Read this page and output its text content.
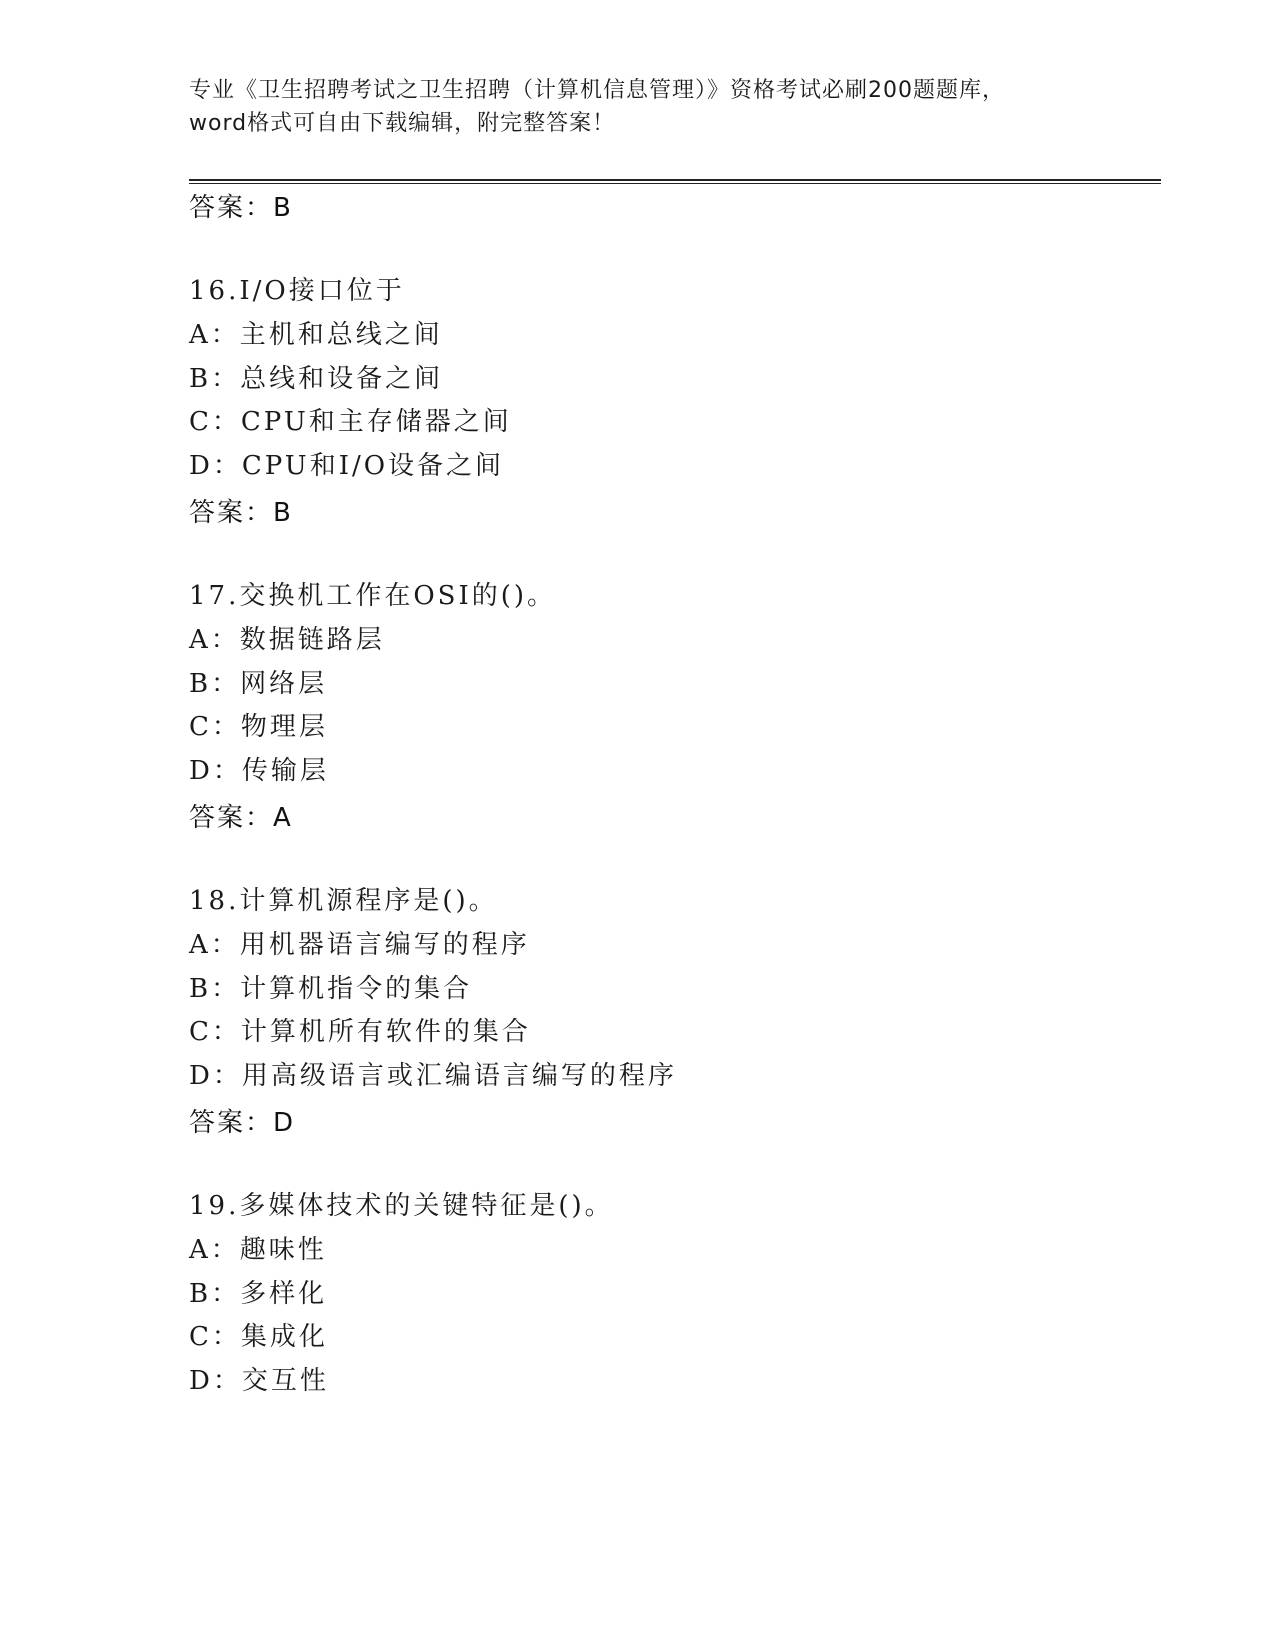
专业《卫生招聘考试之卫生招聘（计算机信息管理）》资格考试必刷200题题库，

word格式可自由下载编辑，附完整答案！

答案：B
16.I/O接口位于
A：主机和总线之间
B：总线和设备之间
C：CPU和主存储器之间
D：CPU和I/O设备之间
答案：B
17.交换机工作在OSI的()。
A：数据链路层
B：网络层
C：物理层
D：传输层
答案：A
18.计算机源程序是()。
A：用机器语言编写的程序
B：计算机指令的集合
C：计算机所有软件的集合
D：用高级语言或汇编语言编写的程序
答案：D
19.多媒体技术的关键特征是()。
A：趣味性
B：多样化
C：集成化
D：交互性
